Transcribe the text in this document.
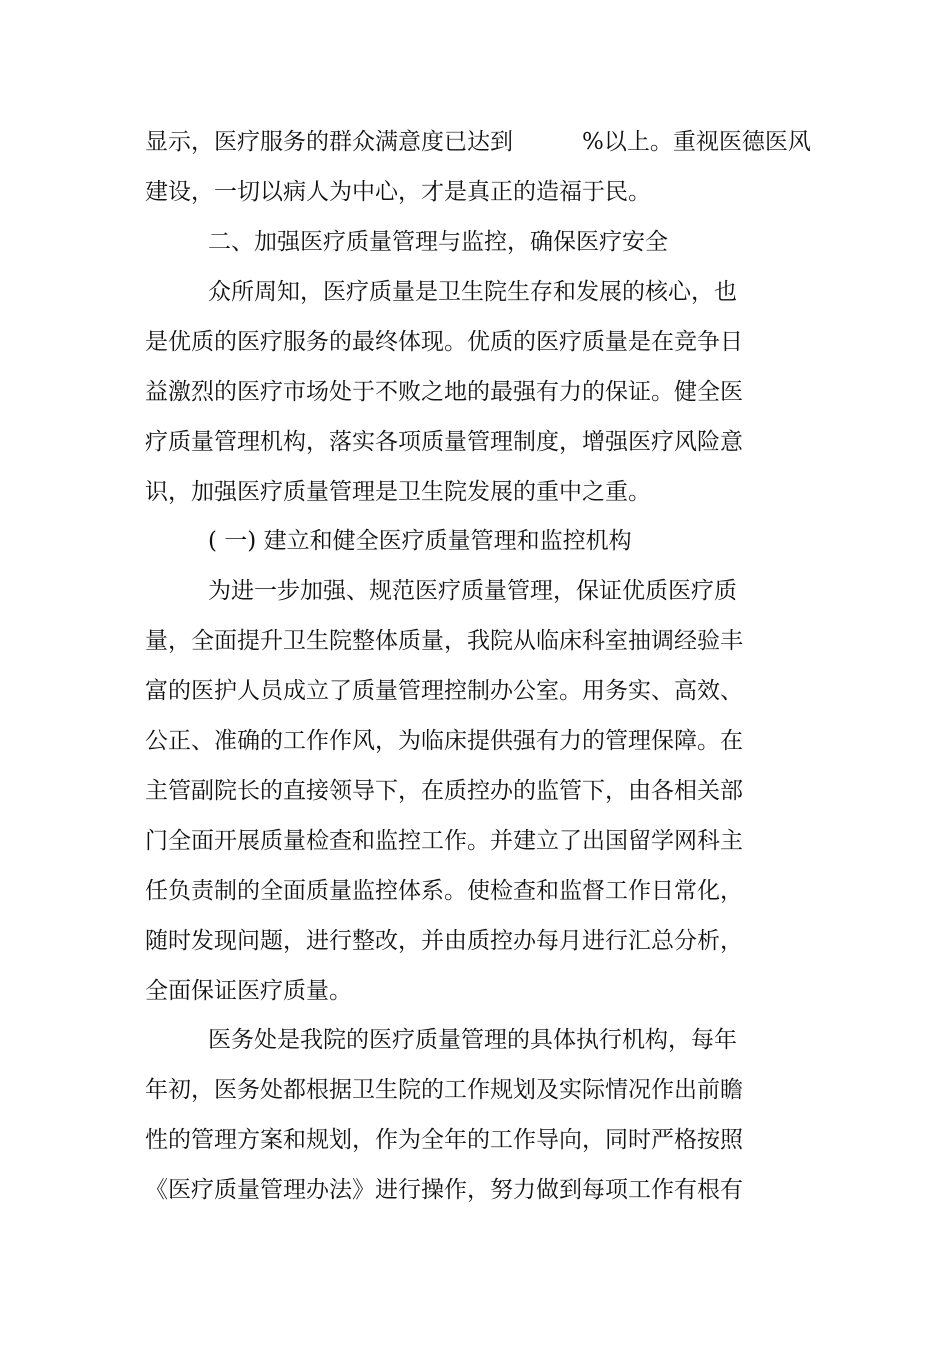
显示，医疗服务的群众满意度已达到　　　%以上。重视医德医风
建设，一切以病人为中心，才是真正的造福于民。
二、加强医疗质量管理与监控，确保医疗安全
众所周知，医疗质量是卫生院生存和发展的核心，也
是优质的医疗服务的最终体现。优质的医疗质量是在竞争日
益激烈的医疗市场处于不败之地的最强有力的保证。健全医
疗质量管理机构，落实各项质量管理制度，增强医疗风险意
识，加强医疗质量管理是卫生院发展的重中之重。
( 一) 建立和健全医疗质量管理和监控机构
为进一步加强、规范医疗质量管理，保证优质医疗质
量，全面提升卫生院整体质量，我院从临床科室抽调经验丰
富的医护人员成立了质量管理控制办公室。用务实、高效、
公正、准确的工作作风，为临床提供强有力的管理保障。在
主管副院长的直接领导下，在质控办的监管下，由各相关部
门全面开展质量检查和监控工作。并建立了出国留学网科主
任负责制的全面质量监控体系。使检查和监督工作日常化，
随时发现问题，进行整改，并由质控办每月进行汇总分析，
全面保证医疗质量。
医务处是我院的医疗质量管理的具体执行机构，每年
年初，医务处都根据卫生院的工作规划及实际情况作出前瞻
性的管理方案和规划，作为全年的工作导向，同时严格按照
《医疗质量管理办法》进行操作，努力做到每项工作有根有
